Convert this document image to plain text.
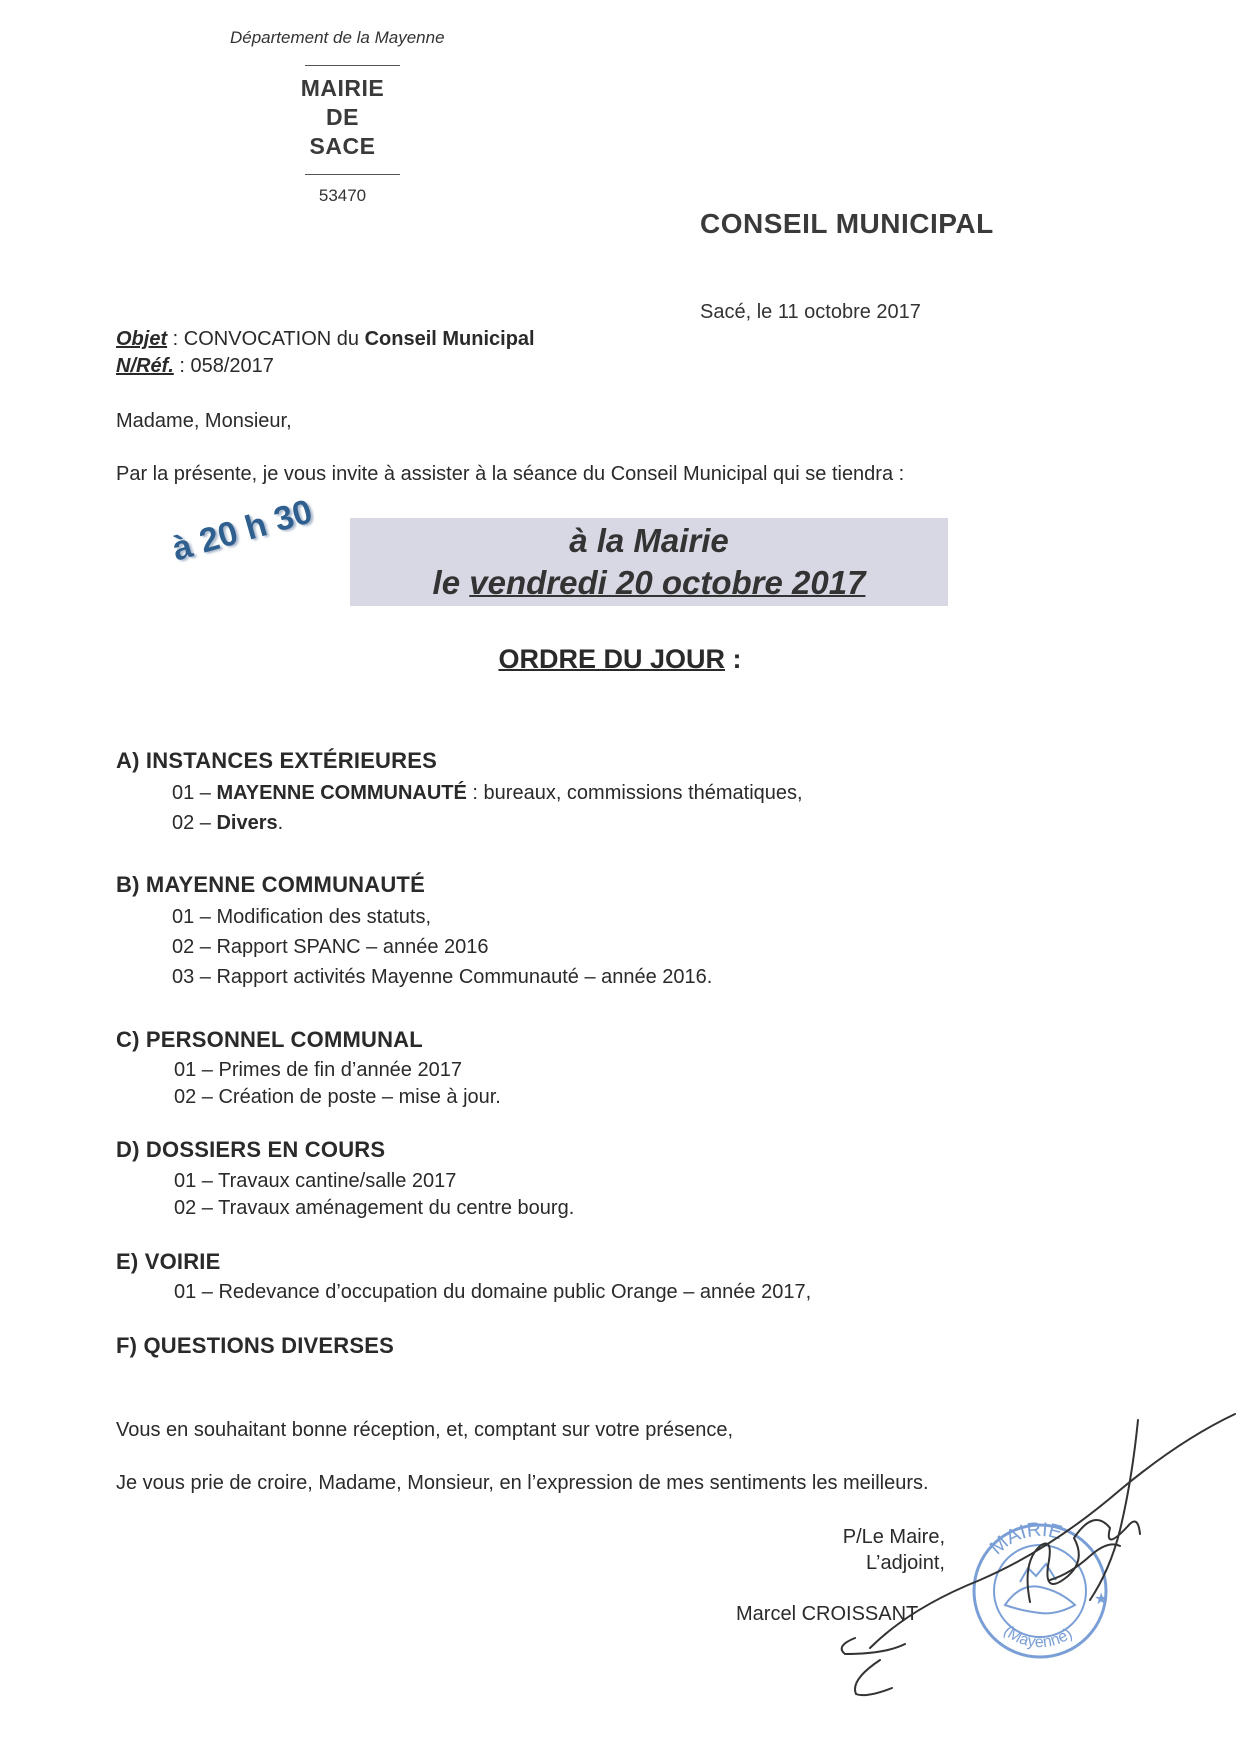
Département de la Mayenne
MAIRIE
DE
SACE
53470
CONSEIL MUNICIPAL
Sacé, le 11 octobre 2017
Objet : CONVOCATION du Conseil Municipal
N/Réf. : 058/2017
Madame, Monsieur,
Par la présente, je vous invite à assister à la séance du Conseil Municipal qui se tiendra :
à 20 h 30	à la Mairie
le vendredi 20 octobre 2017
ORDRE DU JOUR :
A) INSTANCES EXTÉRIEURES
01 – MAYENNE COMMUNAUTÉ : bureaux, commissions thématiques,
02 – Divers.
B) MAYENNE COMMUNAUTÉ
01 – Modification des statuts,
02 – Rapport SPANC – année 2016
03 – Rapport activités Mayenne Communauté – année 2016.
C) PERSONNEL COMMUNAL
01 – Primes de fin d’année 2017
02 – Création de poste – mise à jour.
D) DOSSIERS EN COURS
01 – Travaux cantine/salle 2017
02 – Travaux aménagement du centre bourg.
E) VOIRIE
01 – Redevance d’occupation du domaine public Orange – année 2017,
F) QUESTIONS DIVERSES
Vous en souhaitant bonne réception, et, comptant sur votre présence,
Je vous prie de croire, Madame, Monsieur, en l’expression de mes sentiments les meilleurs.
P/Le Maire,
L’adjoint,
Marcel CROISSANT
MAIRIE
(Mayenne)
★
